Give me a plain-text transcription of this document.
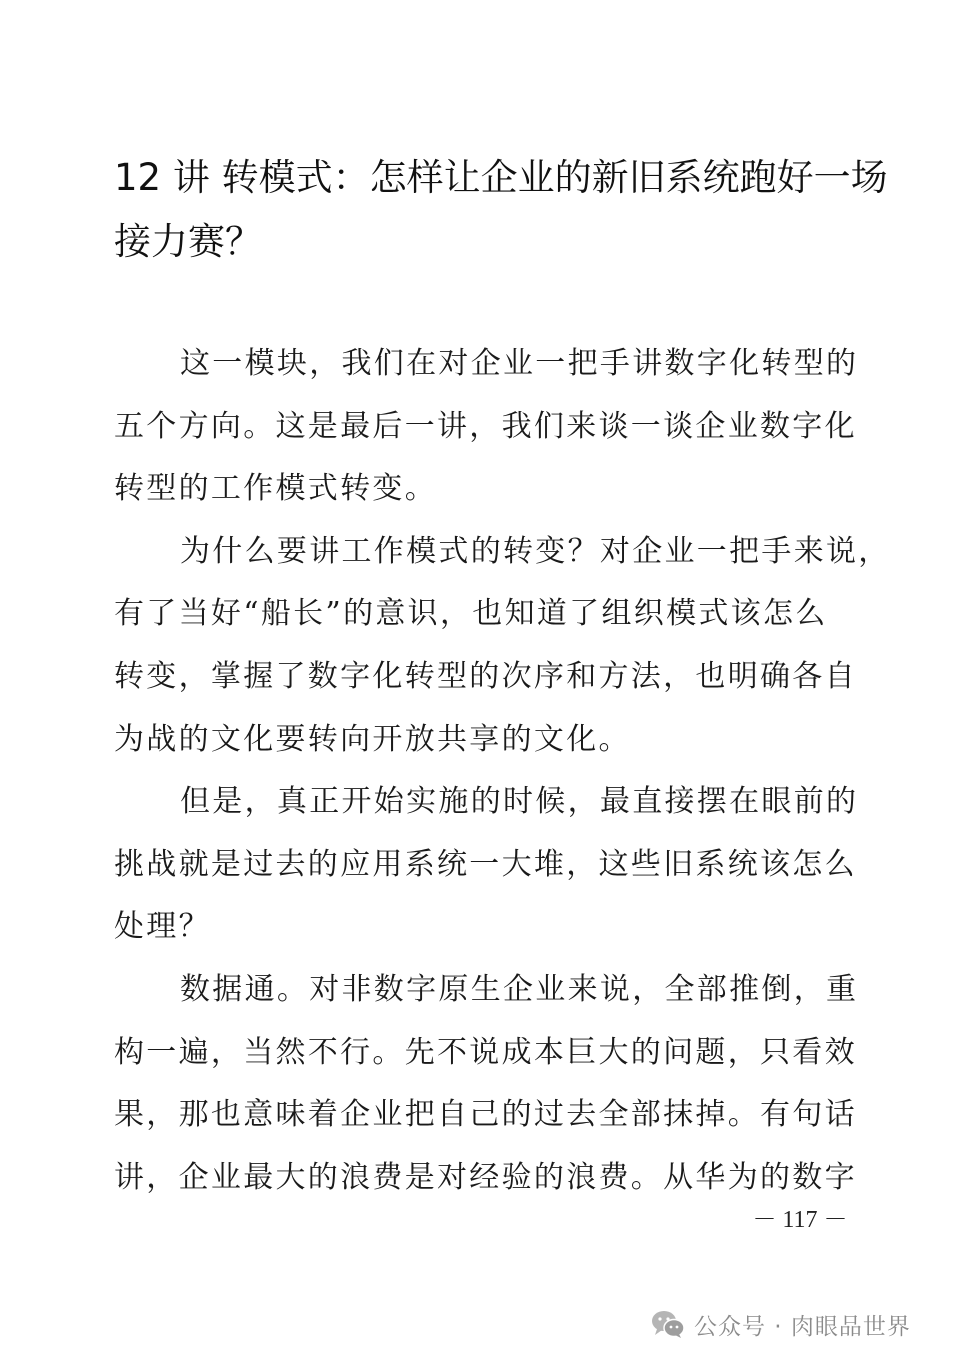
12 讲 转模式：怎样让企业的新旧系统跑好一场
接力赛？

这一模块，我们在对企业一把手讲数字化转型的
五个方向。这是最后一讲，我们来谈一谈企业数字化
转型的工作模式转变。

为什么要讲工作模式的转变？对企业一把手来说，
有了当好“船长”的意识，也知道了组织模式该怎么
转变，掌握了数字化转型的次序和方法，也明确各自
为战的文化要转向开放共享的文化。

但是，真正开始实施的时候，最直接摆在眼前的
挑战就是过去的应用系统一大堆，这些旧系统该怎么
处理？

数据通。对非数字原生企业来说，全部推倒，重
构一遍，当然不行。先不说成本巨大的问题，只看效
果，那也意味着企业把自己的过去全部抹掉。有句话
讲，企业最大的浪费是对经验的浪费。从华为的数字

－ 117 －
公众号 · 肉眼品世界
